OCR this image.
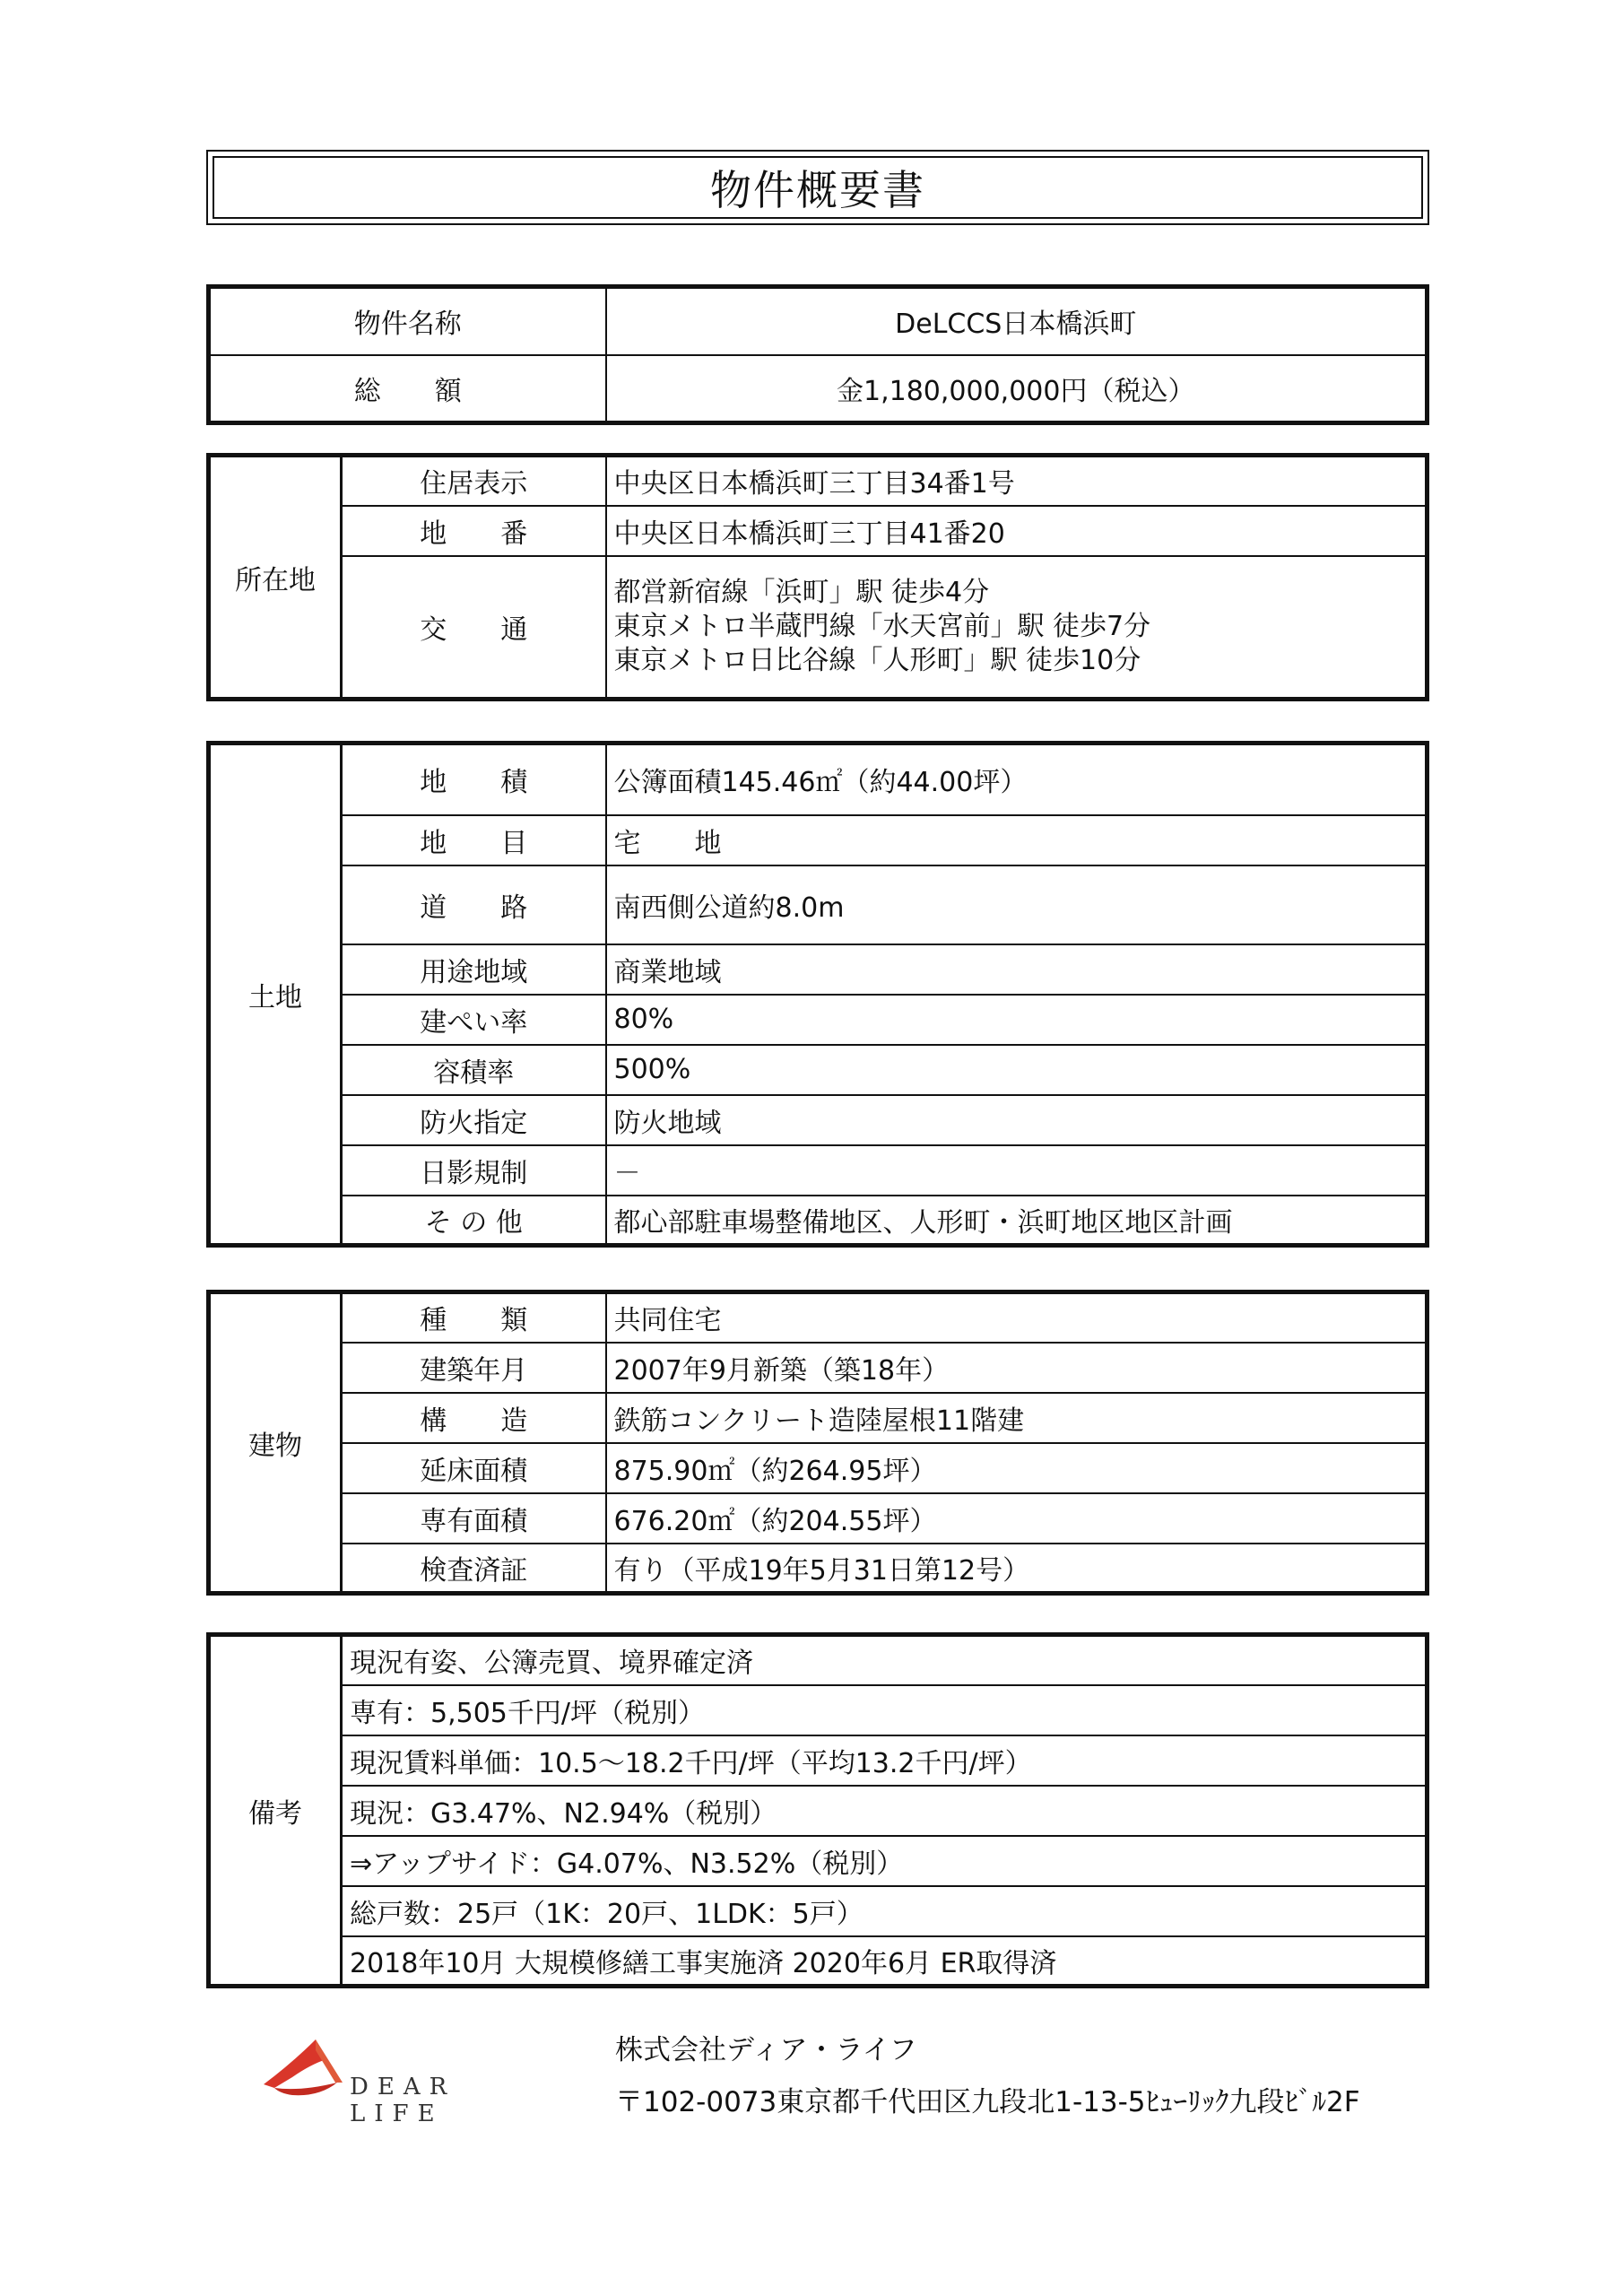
物件概要書
物件名称	DeLCCS日本橋浜町
総　　額	金1,180,000,000円（税込）
所在地	住居表示	中央区日本橋浜町三丁目34番1号
	地　　番	中央区日本橋浜町三丁目41番20
	交　　通	都営新宿線「浜町」駅 徒歩4分
東京メトロ半蔵門線「水天宮前」駅 徒歩7分
東京メトロ日比谷線「人形町」駅 徒歩10分
土地	地　　積	公簿面積145.46㎡（約44.00坪）
	地　　目	宅　　地
	道　　路	南西側公道約8.0m
	用途地域	商業地域
	建ぺい率	80%
	容積率	500%
	防火指定	防火地域
	日影規制	－
	そ の 他	都心部駐車場整備地区、人形町・浜町地区地区計画
建物	種　　類	共同住宅
	建築年月	2007年9月新築（築18年）
	構　　造	鉄筋コンクリート造陸屋根11階建
	延床面積	875.90㎡（約264.95坪）
	専有面積	676.20㎡（約204.55坪）
	検査済証	有り（平成19年5月31日第12号）
備考	現況有姿、公簿売買、境界確定済
専有：5,505千円/坪（税別）
現況賃料単価：10.5～18.2千円/坪（平均13.2千円/坪）
現況：G3.47%、N2.94%（税別）
⇒アップサイド：G4.07%、N3.52%（税別）
総戸数：25戸（1K：20戸、1LDK：5戸）
2018年10月 大規模修繕工事実施済 2020年6月 ER取得済
DEAR LIFE
株式会社ディア・ライフ
〒102-0073東京都千代田区九段北1-13-5ﾋｭｰﾘｯｸ九段ﾋﾞﾙ2F
